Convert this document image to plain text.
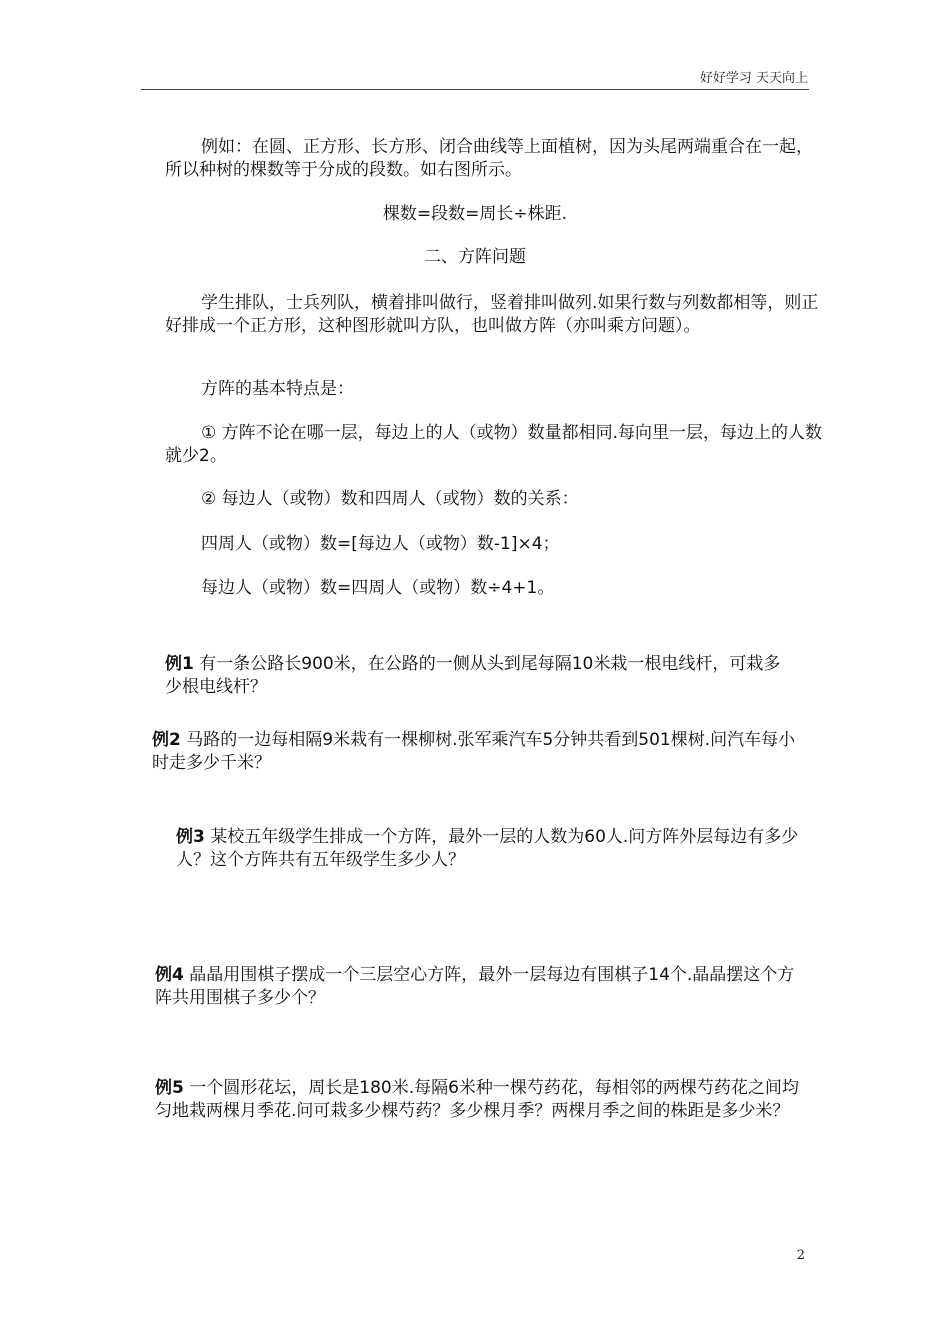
好好学习 天天向上
例如：在圆、正方形、长方形、闭合曲线等上面植树，因为头尾两端重合在一起，所以种树的棵数等于分成的段数。如右图所示。
棵数=段数=周长÷株距.
二、方阵问题
学生排队，士兵列队，横着排叫做行，竖着排叫做列.如果行数与列数都相等，则正好排成一个正方形，这种图形就叫方队，也叫做方阵（亦叫乘方问题）。
方阵的基本特点是：
① 方阵不论在哪一层，每边上的人（或物）数量都相同.每向里一层，每边上的人数就少2。
② 每边人（或物）数和四周人（或物）数的关系：
四周人（或物）数=[每边人（或物）数-1]×4；
每边人（或物）数=四周人（或物）数÷4+1。
例1 有一条公路长900米，在公路的一侧从头到尾每隔10米栽一根电线杆，可栽多少根电线杆？
例2 马路的一边每相隔9米栽有一棵柳树.张军乘汽车5分钟共看到501棵树.问汽车每小时走多少千米？
例3 某校五年级学生排成一个方阵，最外一层的人数为60人.问方阵外层每边有多少人？这个方阵共有五年级学生多少人？
例4 晶晶用围棋子摆成一个三层空心方阵，最外一层每边有围棋子14个.晶晶摆这个方阵共用围棋子多少个？
例5 一个圆形花坛，周长是180米.每隔6米种一棵芍药花，每相邻的两棵芍药花之间均匀地栽两棵月季花.问可栽多少棵芍药？多少棵月季？两棵月季之间的株距是多少米？
2
